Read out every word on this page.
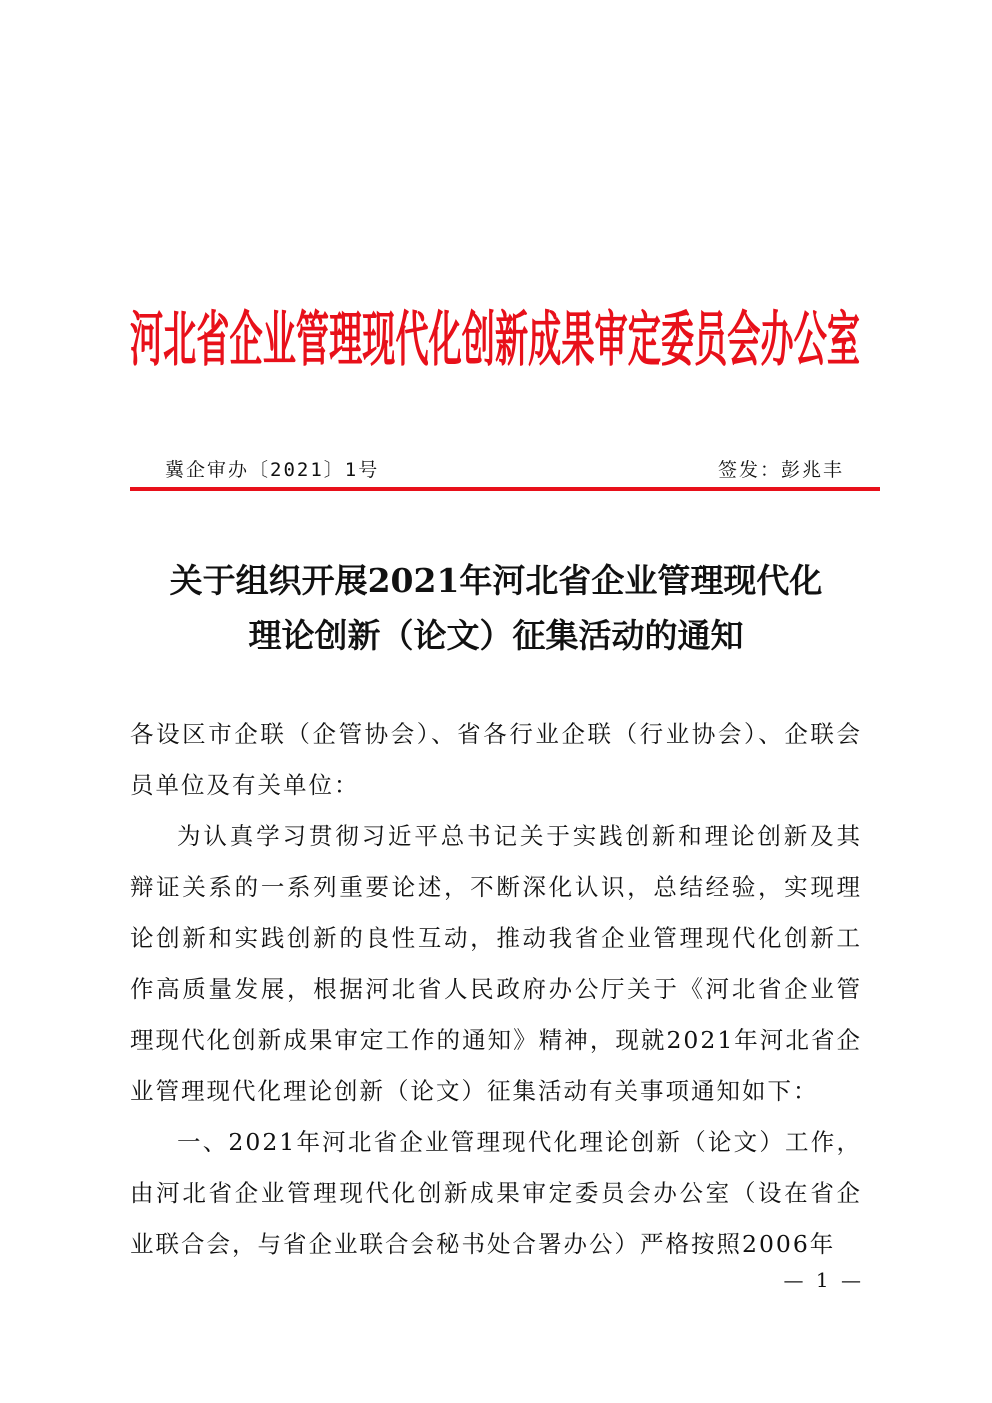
河北省企业管理现代化创新成果审定委员会办公室
冀企审办〔2021〕1号	签发：彭兆丰
关于组织开展2021年河北省企业管理现代化
理论创新（论文）征集活动的通知

各设区市企联（企管协会）、省各行业企联（行业协会）、企联会员单位及有关单位：

为认真学习贯彻习近平总书记关于实践创新和理论创新及其辩证关系的一系列重要论述，不断深化认识，总结经验，实现理论创新和实践创新的良性互动，推动我省企业管理现代化创新工作高质量发展，根据河北省人民政府办公厅关于《河北省企业管理现代化创新成果审定工作的通知》精神，现就2021年河北省企业管理现代化理论创新（论文）征集活动有关事项通知如下：

一、2021年河北省企业管理现代化理论创新（论文）工作，由河北省企业管理现代化创新成果审定委员会办公室（设在省企业联合会，与省企业联合会秘书处合署办公）严格按照2006年

— 1 —
